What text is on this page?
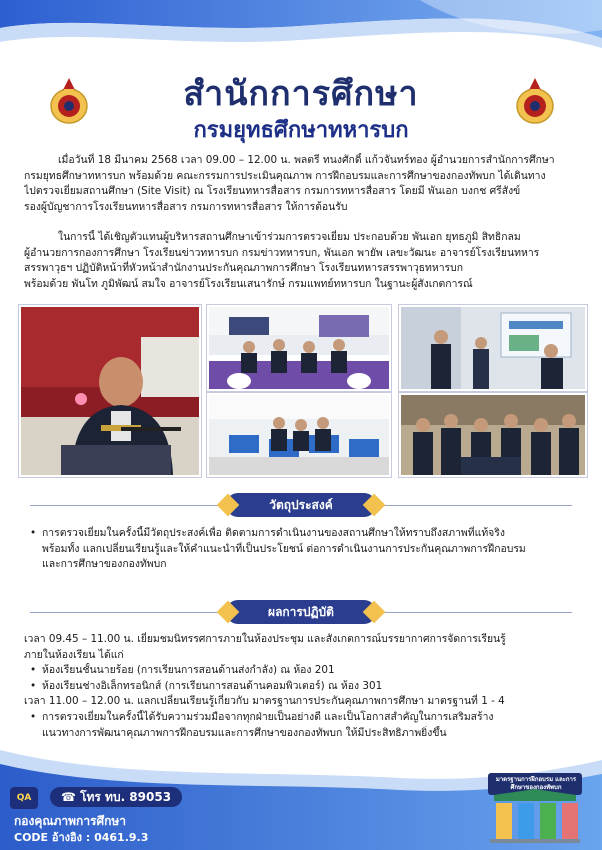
สำนักการศึกษา
กรมยุทธศึกษาทหารบก
เมื่อวันที่ 18 มีนาคม 2568 เวลา 09.00 – 12.00 น. พลตรี ทนงศักดิ์ แก้วจันทร์ทอง ผู้อำนวยการสำนักการศึกษา
กรมยุทธศึกษาทหารบก พร้อมด้วย คณะกรรมการประเมินคุณภาพ การฝึกอบรมและการศึกษาของกองทัพบก ได้เดินทาง
ไปตรวจเยี่ยมสถานศึกษา (Site Visit) ณ โรงเรียนทหารสื่อสาร กรมการทหารสื่อสาร โดยมี พันเอก บงกช ศรีสังข์
รองผู้บัญชาการโรงเรียนทหารสื่อสาร กรมการทหารสื่อสาร ให้การต้อนรับ
ในการนี้ ได้เชิญตัวแทนผู้บริหารสถานศึกษาเข้าร่วมการตรวจเยี่ยม ประกอบด้วย พันเอก ยุทธภูมิ สิทธิกลม
ผู้อำนวยการกองการศึกษา โรงเรียนข่าวทหารบก กรมข่าวทหารบก, พันเอก พายัพ เลขะวัฒนะ อาจารย์โรงเรียนทหาร
สรรพาวุธฯ ปฏิบัติหน้าที่หัวหน้าสำนักงานประกันคุณภาพการศึกษา โรงเรียนทหารสรรพาวุธทหารบก
พร้อมด้วย พันโท ภูมิพัฒน์ สมใจ อาจารย์โรงเรียนเสนารักษ์ กรมแพทย์ทหารบก ในฐานะผู้สังเกตการณ์
วัตถุประสงค์
• การตรวจเยี่ยมในครั้งนี้มีวัตถุประสงค์เพื่อ ติดตามการดำเนินงานของสถานศึกษาให้ทราบถึงสภาพที่แท้จริง
พร้อมทั้ง แลกเปลี่ยนเรียนรู้และให้คำแนะนำที่เป็นประโยชน์ ต่อการดำเนินงานการประกันคุณภาพการฝึกอบรม
และการศึกษาของกองทัพบก
ผลการปฏิบัติ
เวลา 09.45 – 11.00 น. เยี่ยมชมนิทรรศการภายในห้องประชุม และสังเกตการณ์บรรยากาศการจัดการเรียนรู้
ภายในห้องเรียน ได้แก่
• ห้องเรียนชั้นนายร้อย (การเรียนการสอนด้านส่งกำลัง) ณ ห้อง 201
• ห้องเรียนช่างอิเล็กทรอนิกส์ (การเรียนการสอนด้านคอมพิวเตอร์) ณ ห้อง 301
เวลา 11.00 – 12.00 น. แลกเปลี่ยนเรียนรู้เกี่ยวกับ มาตรฐานการประกันคุณภาพการศึกษา มาตรฐานที่ 1 - 4
• การตรวจเยี่ยมในครั้งนี้ได้รับความร่วมมือจากทุกฝ่ายเป็นอย่างดี และเป็นโอกาสสำคัญในการเสริมสร้าง
แนวทางการพัฒนาคุณภาพการฝึกอบรมและการศึกษาของกองทัพบก ให้มีประสิทธิภาพยิ่งขึ้น
QA	☎ โทร ทบ. 89053
กองคุณภาพการศึกษา
CODE อ้างอิง : 0461.9.3
มาตรฐานการฝึกอบรม และการศึกษาของกองทัพบก
